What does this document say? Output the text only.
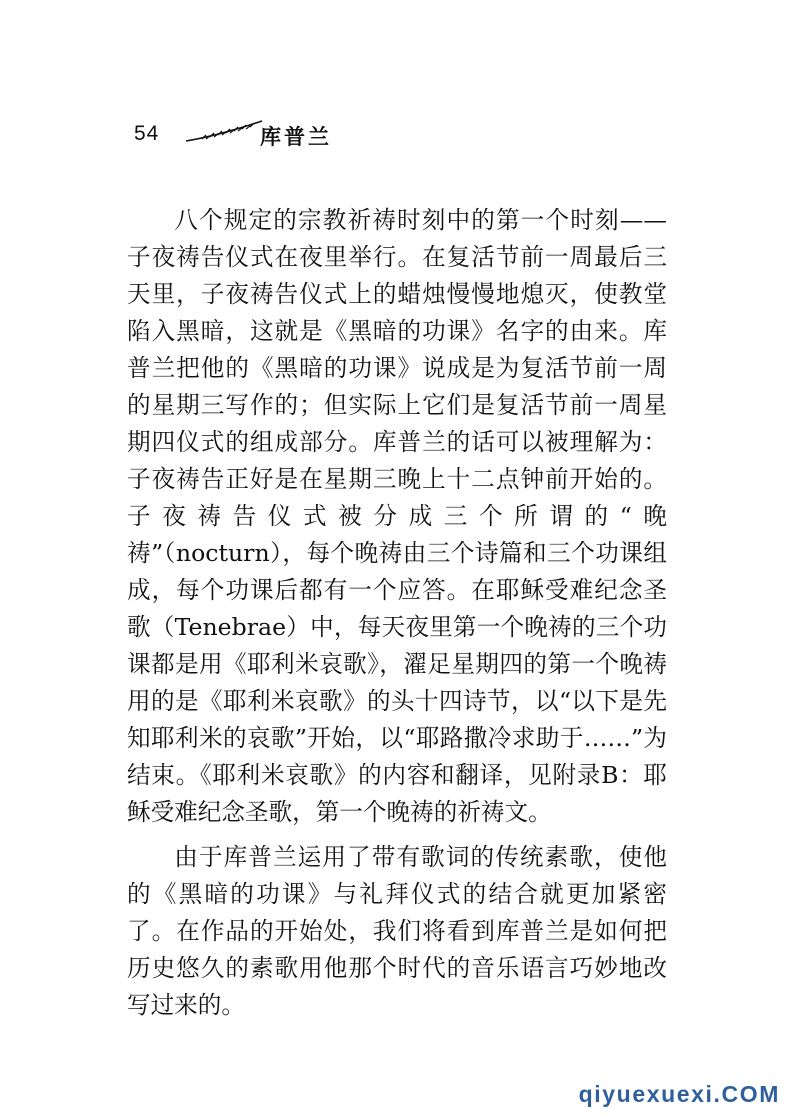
54	库普兰

八个规定的宗教祈祷时刻中的第一个时刻——子夜祷告仪式在夜里举行。在复活节前一周最后三天里，子夜祷告仪式上的蜡烛慢慢地熄灭，使教堂陷入黑暗，这就是《黑暗的功课》名字的由来。库普兰把他的《黑暗的功课》说成是为复活节前一周的星期三写作的；但实际上它们是复活节前一周星期四仪式的组成部分。库普兰的话可以被理解为：子夜祷告正好是在星期三晚上十二点钟前开始的。子夜祷告仪式被分成三个所谓的“晚祷”（nocturn），每个晚祷由三个诗篇和三个功课组成，每个功课后都有一个应答。在耶稣受难纪念圣歌（Tenebrae）中，每天夜里第一个晚祷的三个功课都是用《耶利米哀歌》，濯足星期四的第一个晚祷用的是《耶利米哀歌》的头十四诗节，以“以下是先知耶利米的哀歌”开始，以“耶路撒冷求助于……”为结束。《耶利米哀歌》的内容和翻译，见附录B：耶稣受难纪念圣歌，第一个晚祷的祈祷文。

由于库普兰运用了带有歌词的传统素歌，使他的《黑暗的功课》与礼拜仪式的结合就更加紧密了。在作品的开始处，我们将看到库普兰是如何把历史悠久的素歌用他那个时代的音乐语言巧妙地改写过来的。

qiyuexuexi.COM
